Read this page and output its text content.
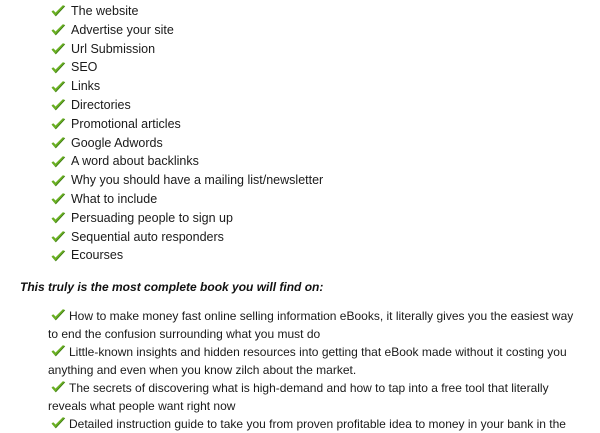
The website
Advertise your site
Url Submission
SEO
Links
Directories
Promotional articles
Google Adwords
A word about backlinks
Why you should have a mailing list/newsletter
What to include
Persuading people to sign up
Sequential auto responders
Ecourses
This truly is the most complete book you will find on:
How to make money fast online selling information eBooks, it literally gives you the easiest way to end the confusion surrounding what you must do
Little-known insights and hidden resources into getting that eBook made without it costing you anything and even when you know zilch about the market.
The secrets of discovering what is high-demand and how to tap into a free tool that literally reveals what people want right now
Detailed instruction guide to take you from proven profitable idea to money in your bank in the
